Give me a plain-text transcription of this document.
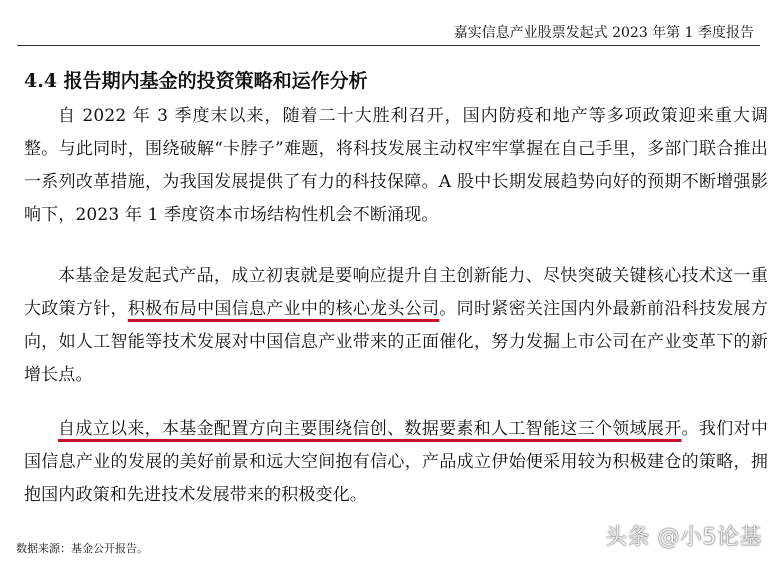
嘉实信息产业股票发起式 2023 年第 1 季度报告
4.4 报告期内基金的投资策略和运作分析

自 2022 年 3 季度末以来，随着二十大胜利召开，国内防疫和地产等多项政策迎来重大调整。与此同时，围绕破解“卡脖子”难题，将科技发展主动权牢牢掌握在自己手里，多部门联合推出一系列改革措施，为我国发展提供了有力的科技保障。A 股中长期发展趋势向好的预期不断增强影响下，2023 年 1 季度资本市场结构性机会不断涌现。

本基金是发起式产品，成立初衷就是要响应提升自主创新能力、尽快突破关键核心技术这一重大政策方针，积极布局中国信息产业中的核心龙头公司。同时紧密关注国内外最新前沿科技发展方向，如人工智能等技术发展对中国信息产业带来的正面催化，努力发掘上市公司在产业变革下的新增长点。

自成立以来，本基金配置方向主要围绕信创、数据要素和人工智能这三个领域展开。我们对中国信息产业的发展的美好前景和远大空间抱有信心，产品成立伊始便采用较为积极建仓的策略，拥抱国内政策和先进技术发展带来的积极变化。

数据来源：基金公开报告。	头条 @小5论基
